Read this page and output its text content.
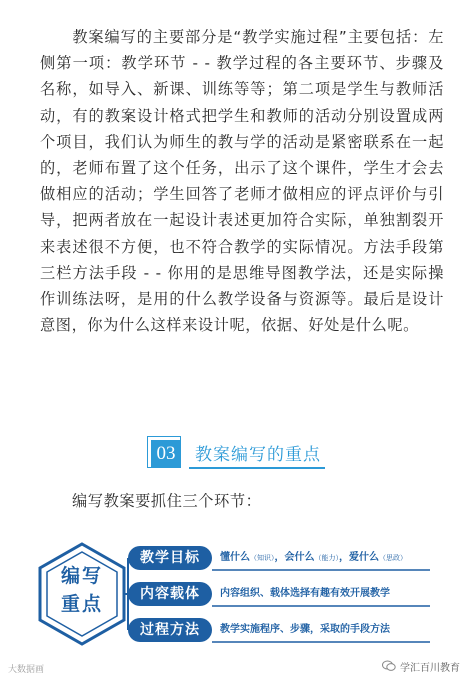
教案编写的主要部分是“教学实施过程”主要包括：左侧第一项：教学环节 - - 教学过程的各主要环节、步骤及名称，如导入、新课、训练等等；第二项是学生与教师活动，有的教案设计格式把学生和教师的活动分别设置成两个项目，我们认为师生的教与学的活动是紧密联系在一起的，老师布置了这个任务，出示了这个课件，学生才会去做相应的活动；学生回答了老师才做相应的评点评价与引导，把两者放在一起设计表述更加符合实际，单独割裂开来表述很不方便，也不符合教学的实际情况。方法手段第三栏方法手段 - - 你用的是思维导图教学法，还是实际操作训练法呀，是用的什么教学设备与资源等。最后是设计意图，你为什么这样来设计呢，依据、好处是什么呢。
03	教案编写的重点
编写教案要抓住三个环节：
编写
重点
教学目标	懂什么（知识），会什么（能力），爱什么（思政）
内容载体	内容组织、载体选择有趣有效开展教学
过程方法	教学实施程序、步骤，采取的手段方法
大数据画	学汇百川教育
